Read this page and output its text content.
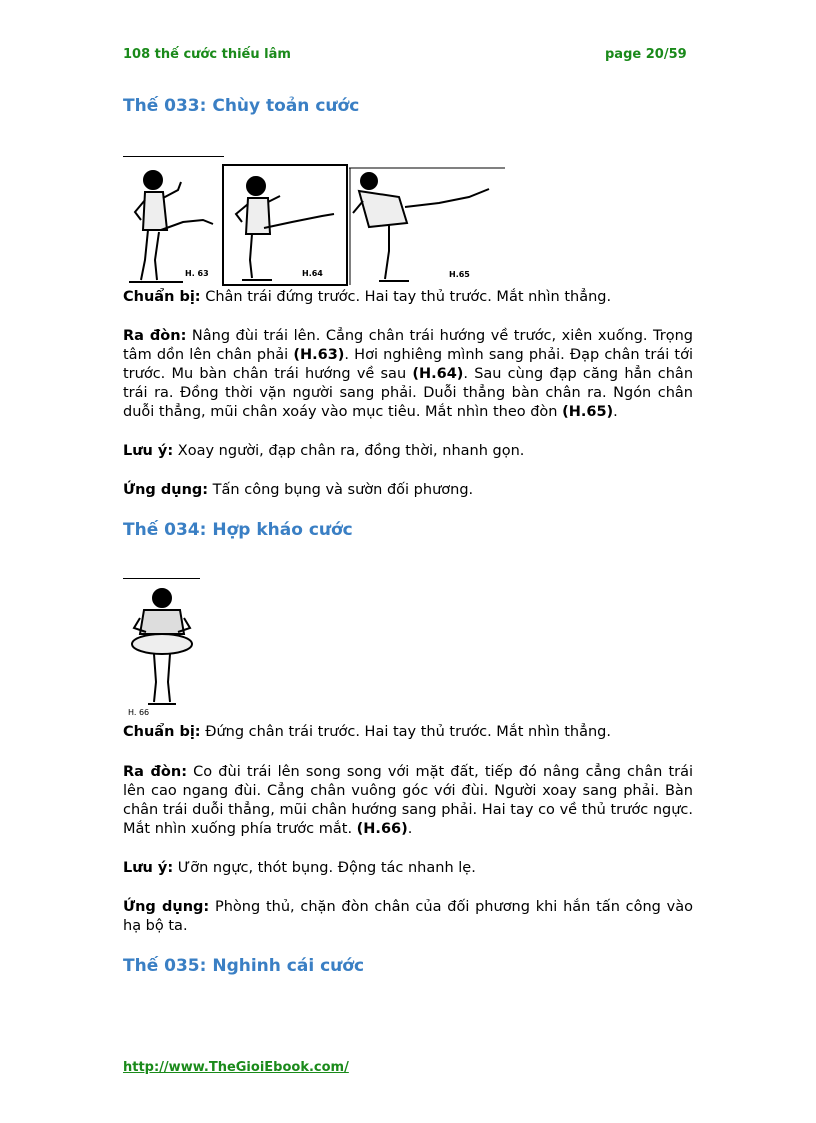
108 thế cước thiếu lâm	page 20/59
Thế 033: Chùy toản cước
H. 63	H.64	H.65

Chuẩn bị: Chân trái đứng trước. Hai tay thủ trước. Mắt nhìn thẳng.

Ra đòn: Nâng đùi trái lên. Cẳng chân trái hướng về trước, xiên xuống. Trọng tâm dồn lên chân phải (H.63). Hơi nghiêng mình sang phải. Đạp chân trái tới trước. Mu bàn chân trái hướng về sau (H.64). Sau cùng đạp căng hẳn chân trái ra. Đồng thời vặn người sang phải. Duỗi thẳng bàn chân ra. Ngón chân duỗi thẳng, mũi chân xoáy vào mục tiêu. Mắt nhìn theo đòn (H.65).

Lưu ý: Xoay người, đạp chân ra, đồng thời, nhanh gọn.

Ứng dụng: Tấn công bụng và sườn đối phương.

Thế 034: Hợp kháo cước
H. 66

Chuẩn bị: Đứng chân trái trước. Hai tay thủ trước. Mắt nhìn thẳng.

Ra đòn: Co đùi trái lên song song với mặt đất, tiếp đó nâng cẳng chân trái lên cao ngang đùi. Cẳng chân vuông góc với đùi. Người xoay sang phải. Bàn chân trái duỗi thẳng, mũi chân hướng sang phải. Hai tay co về thủ trước ngực. Mắt nhìn xuống phía trước mắt. (H.66).

Lưu ý: Ưỡn ngực, thót bụng. Động tác nhanh lẹ.

Ứng dụng: Phòng thủ, chặn đòn chân của đối phương khi hắn tấn công vào hạ bộ ta.

Thế 035: Nghinh cái cước
http://www.TheGioiEbook.com/
